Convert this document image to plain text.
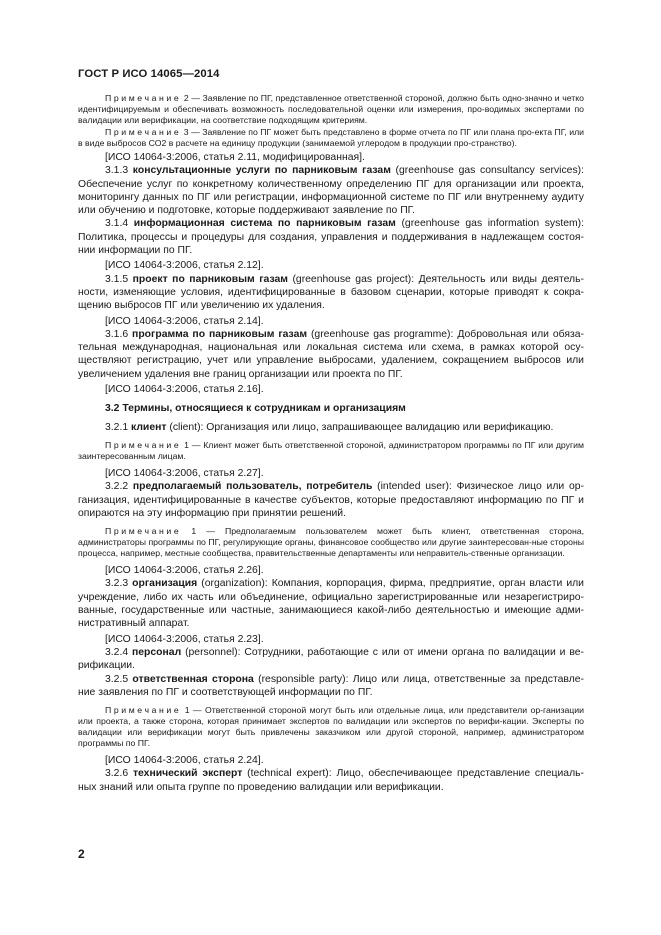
ГОСТ Р ИСО 14065—2014

Примечание 2 — Заявление по ПГ, представленное ответственной стороной, должно быть одно-значно и четко идентифицируемым и обеспечивать возможность последовательной оценки или измерения, про-водимых экспертами по валидации или верификации, на соответствие подходящим критериям.

Примечание 3 — Заявление по ПГ может быть представлено в форме отчета по ПГ или плана про-екта ПГ, или в виде выбросов СО2 в расчете на единицу продукции (занимаемой углеродом в продукции про-странство).

[ИСО 14064-3:2006, статья 2.11, модифицированная].

3.1.3 консультационные услуги по парниковым газам (greenhouse gas consultancy services): Обеспечение услуг по конкретному количественному определению ПГ для организации или проекта, мониторингу данных по ПГ или регистрации, информационной системе по ПГ или внутреннему аудиту или обучению и подготовке, которые поддерживают заявление по ПГ.

3.1.4 информационная система по парниковым газам (greenhouse gas information system): Политика, процессы и процедуры для создания, управления и поддерживания в надлежащем состоя-нии информации по ПГ.

[ИСО 14064-3:2006, статья 2.12].

3.1.5 проект по парниковым газам (greenhouse gas project): Деятельность или виды деятель-ности, изменяющие условия, идентифицированные в базовом сценарии, которые приводят к сокра-щению выбросов ПГ или увеличению их удаления.

[ИСО 14064-3:2006, статья 2.14].

3.1.6 программа по парниковым газам (greenhouse gas programme): Добровольная или обяза-тельная международная, национальная или локальная система или схема, в рамках которой осу-ществляют регистрацию, учет или управление выбросами, удалением, сокращением выбросов или увеличением удаления вне границ организации или проекта по ПГ.

[ИСО 14064-3:2006, статья 2.16].

3.2 Термины, относящиеся к сотрудникам и организациям

3.2.1 клиент (client): Организация или лицо, запрашивающее валидацию или верификацию.

Примечание 1 — Клиент может быть ответственной стороной, администратором программы по ПГ или другим заинтересованным лицам.

[ИСО 14064-3:2006, статья 2.27].

3.2.2 предполагаемый пользователь, потребитель (intended user): Физическое лицо или ор-ганизация, идентифицированные в качестве субъектов, которые предоставляют информацию по ПГ и опираются на эту информацию при принятии решений.

Примечание 1 — Предполагаемым пользователем может быть клиент, ответственная сторона, администраторы программы по ПГ, регулирующие органы, финансовое сообщество или другие заинтересован-ные стороны процесса, например, местные сообщества, правительственные департаменты или неправитель-ственные организации.

[ИСО 14064-3:2006, статья 2.26].

3.2.3 организация (organization): Компания, корпорация, фирма, предприятие, орган власти или учреждение, либо их часть или объединение, официально зарегистрированные или незарегистриро-ванные, государственные или частные, занимающиеся какой-либо деятельностью и имеющие адми-нистративный аппарат.

[ИСО 14064-3:2006, статья 2.23].

3.2.4 персонал (personnel): Сотрудники, работающие с или от имени органа по валидации и ве-рификации.

3.2.5 ответственная сторона (responsible party): Лицо или лица, ответственные за представле-ние заявления по ПГ и соответствующей информации по ПГ.

Примечание 1 — Ответственной стороной могут быть или отдельные лица, или представители ор-ганизации или проекта, а также сторона, которая принимает экспертов по валидации или экспертов по верифи-кации. Эксперты по валидации или верификации могут быть привлечены заказчиком или другой стороной, например, администратором программы по ПГ.

[ИСО 14064-3:2006, статья 2.24].

3.2.6 технический эксперт (technical expert): Лицо, обеспечивающее представление специаль-ных знаний или опыта группе по проведению валидации или верификации.

2
